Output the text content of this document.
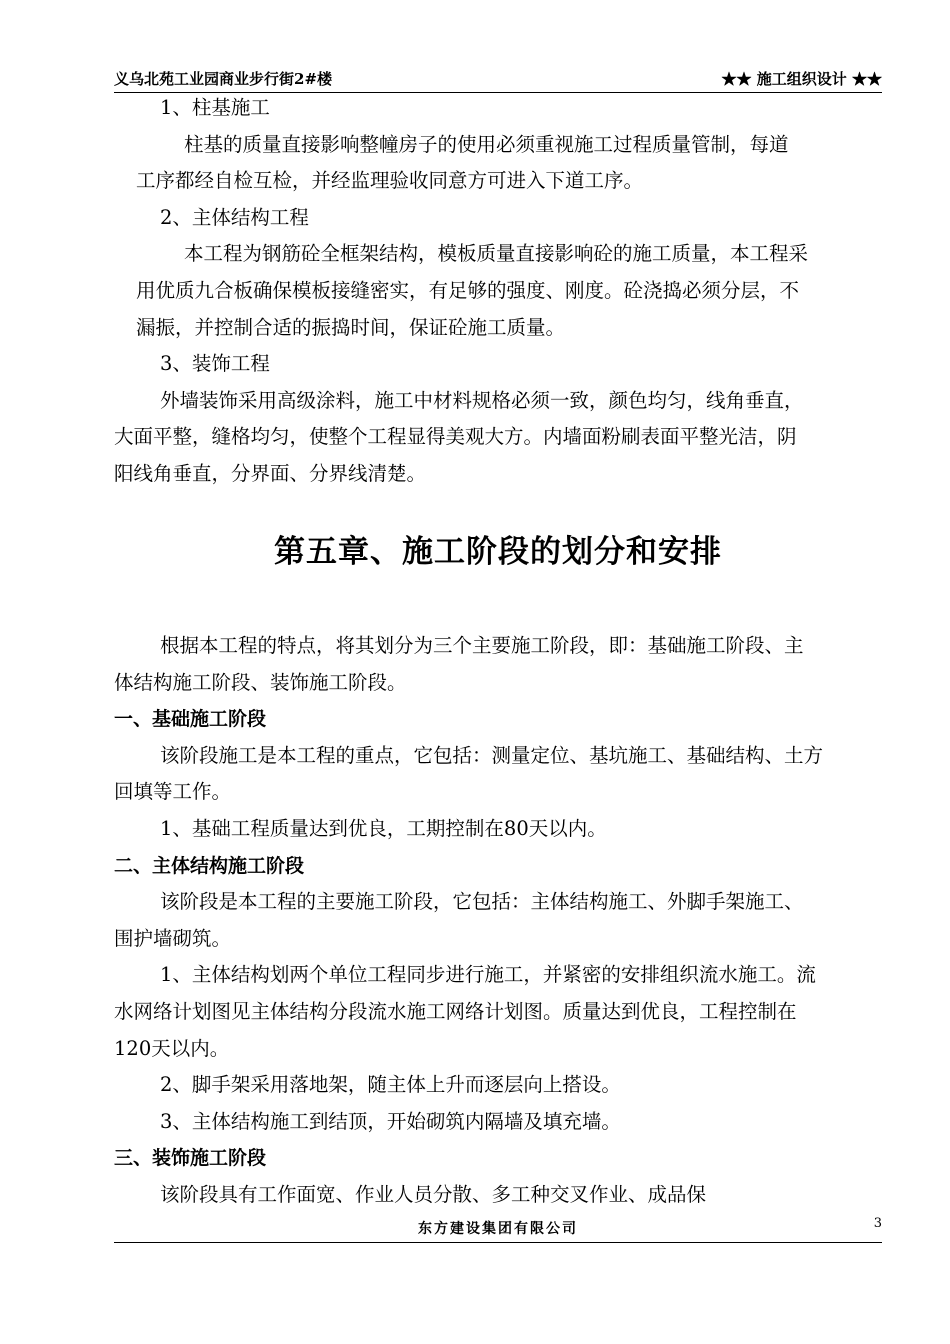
义乌北苑工业园商业步行街2#楼	★★ 施工组织设计 ★★

1、柱基施工

柱基的质量直接影响整幢房子的使用必须重视施工过程质量管制，每道

工序都经自检互检，并经监理验收同意方可进入下道工序。

2、主体结构工程

本工程为钢筋砼全框架结构，模板质量直接影响砼的施工质量，本工程采

用优质九合板确保模板接缝密实，有足够的强度、刚度。砼浇捣必须分层，不

漏振，并控制合适的振捣时间，保证砼施工质量。

3、装饰工程

外墙装饰采用高级涂料，施工中材料规格必须一致，颜色均匀，线角垂直，

大面平整，缝格均匀，使整个工程显得美观大方。内墙面粉刷表面平整光洁，阴

阳线角垂直，分界面、分界线清楚。

第五章、施工阶段的划分和安排

根据本工程的特点，将其划分为三个主要施工阶段，即：基础施工阶段、主

体结构施工阶段、装饰施工阶段。

一、基础施工阶段

该阶段施工是本工程的重点，它包括：测量定位、基坑施工、基础结构、土方

回填等工作。

1、基础工程质量达到优良，工期控制在80天以内。

二、主体结构施工阶段

该阶段是本工程的主要施工阶段，它包括：主体结构施工、外脚手架施工、

围护墙砌筑。

1、主体结构划两个单位工程同步进行施工，并紧密的安排组织流水施工。流

水网络计划图见主体结构分段流水施工网络计划图。质量达到优良，工程控制在

120天以内。

2、脚手架采用落地架，随主体上升而逐层向上搭设。

3、主体结构施工到结顶，开始砌筑内隔墙及填充墙。

三、装饰施工阶段

该阶段具有工作面宽、作业人员分散、多工种交叉作业、成品保

东方建设集团有限公司	3
